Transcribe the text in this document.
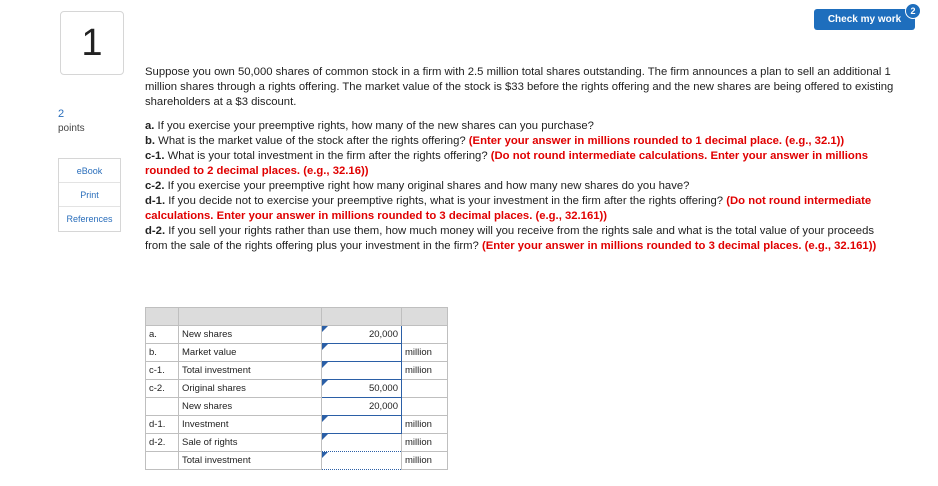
1
2
points
eBook
Print
References
Check my work
2

Suppose you own 50,000 shares of common stock in a firm with 2.5 million total shares outstanding. The firm announces a plan to sell an additional 1 million shares through a rights offering. The market value of the stock is $33 before the rights offering and the new shares are being offered to existing shareholders at a $3 discount.

a. If you exercise your preemptive rights, how many of the new shares can you purchase?
b. What is the market value of the stock after the rights offering? (Enter your answer in millions rounded to 1 decimal place. (e.g., 32.1))
c-1. What is your total investment in the firm after the rights offering? (Do not round intermediate calculations. Enter your answer in millions rounded to 2 decimal places. (e.g., 32.16))
c-2. If you exercise your preemptive right how many original shares and how many new shares do you have?
d-1. If you decide not to exercise your preemptive rights, what is your investment in the firm after the rights offering? (Do not round intermediate calculations. Enter your answer in millions rounded to 3 decimal places. (e.g., 32.161))
d-2. If you sell your rights rather than use them, how much money will you receive from the rights sale and what is the total value of your proceeds from the sale of the rights offering plus your investment in the firm? (Enter your answer in millions rounded to 3 decimal places. (e.g., 32.161))

a.	New shares	20,000	
b.	Market value		million
c-1.	Total investment		million
c-2.	Original shares	50,000	
	New shares	20,000	
d-1.	Investment		million
d-2.	Sale of rights		million
	Total investment		million
